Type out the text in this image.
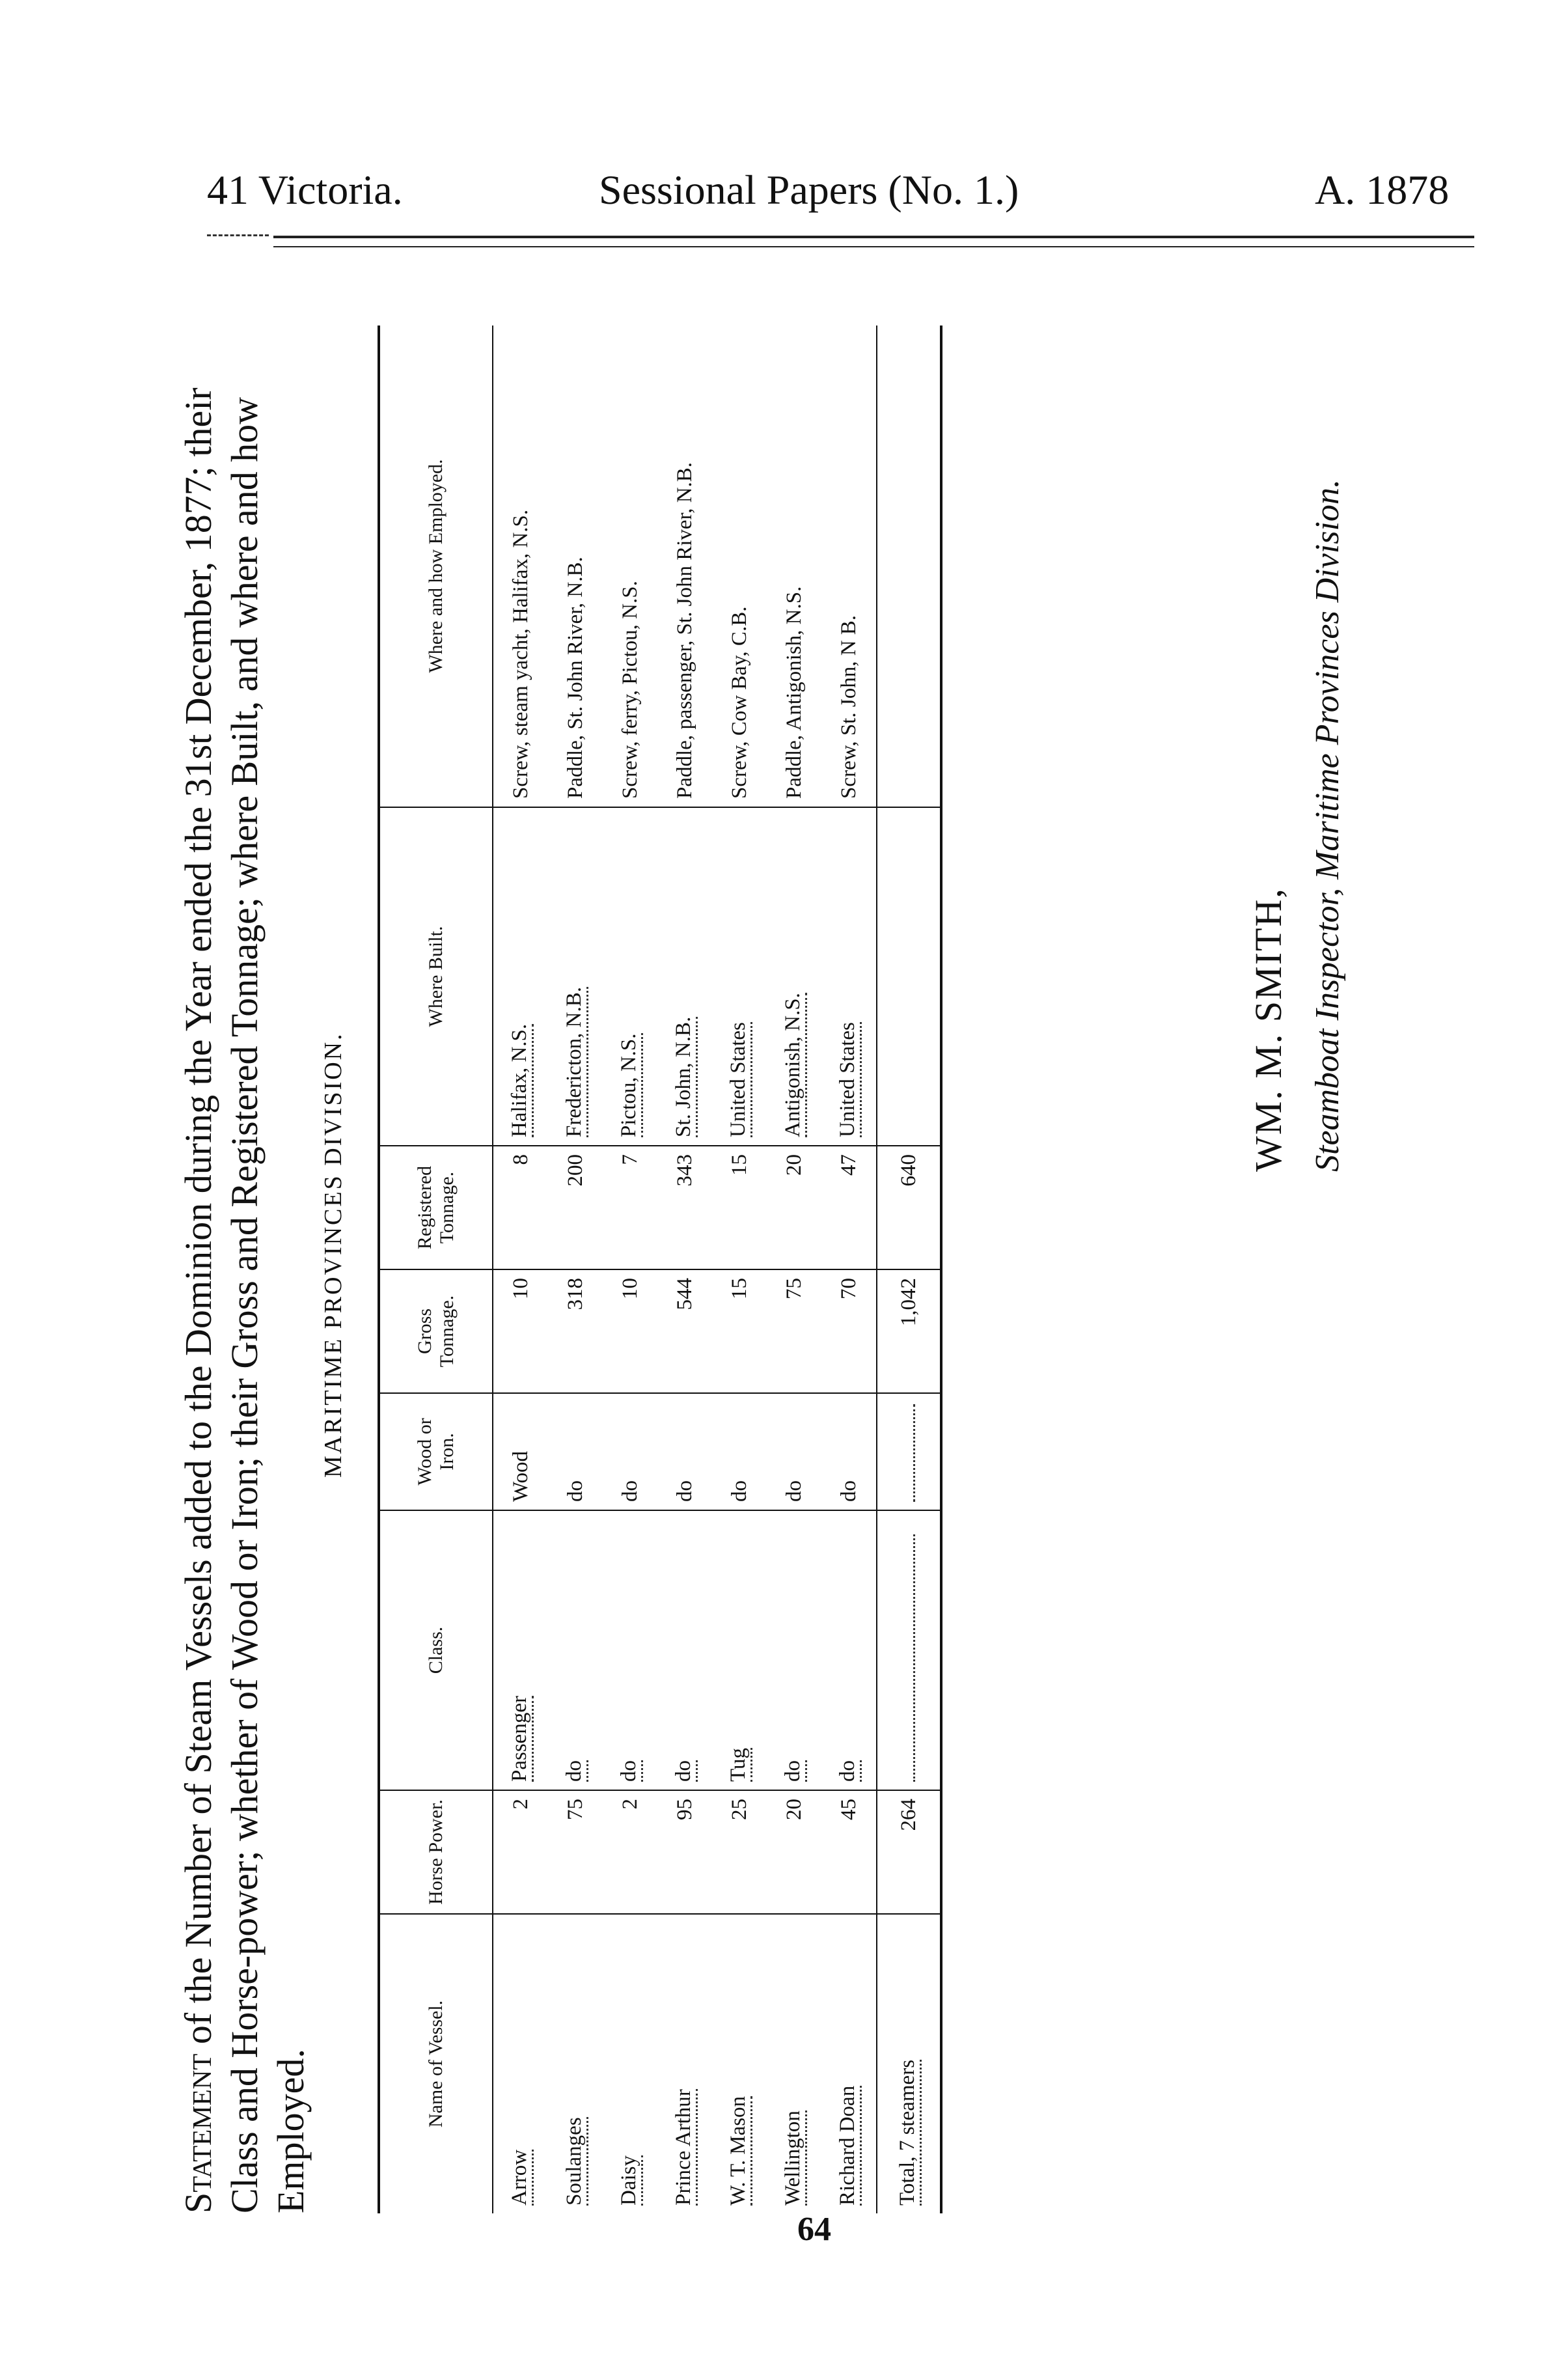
41 Victoria.	Sessional Papers (No. 1.)	A. 1878
Statement of the Number of Steam Vessels added to the Dominion during the Year ended the 31st December, 1877; their Class and Horse-power; whether of Wood or Iron; their Gross and Registered Tonnage; where Built, and where and how Employed.
MARITIME PROVINCES DIVISION.
Name of Vessel.	Horse Power.	Class.	Wood or Iron.	Gross Tonnage.	Registered Tonnage.	Where Built.	Where and how Employed.
Arrow	2	Passenger	Wood	10	8	Halifax, N.S.	Screw, steam yacht, Halifax, N.S.
Soulanges	75	do	do	318	200	Fredericton, N.B.	Paddle, St. John River, N.B.
Daisy	2	do	do	10	7	Pictou, N.S.	Screw, ferry, Pictou, N.S.
Prince Arthur	95	do	do	544	343	St. John, N.B.	Paddle, passenger, St. John River, N.B.
W. T. Mason	25	Tug	do	15	15	United States	Screw, Cow Bay, C.B.
Wellington	20	do	do	75	20	Antigonish, N.S.	Paddle, Antigonish, N.S.
Richard Doan	45	do	do	70	47	United States	Screw, St. John, N B.
Total, 7 steamers	264			1,042	640			WM. M. SMITH, Steamboat Inspector, Maritime Provinces Division.
64
